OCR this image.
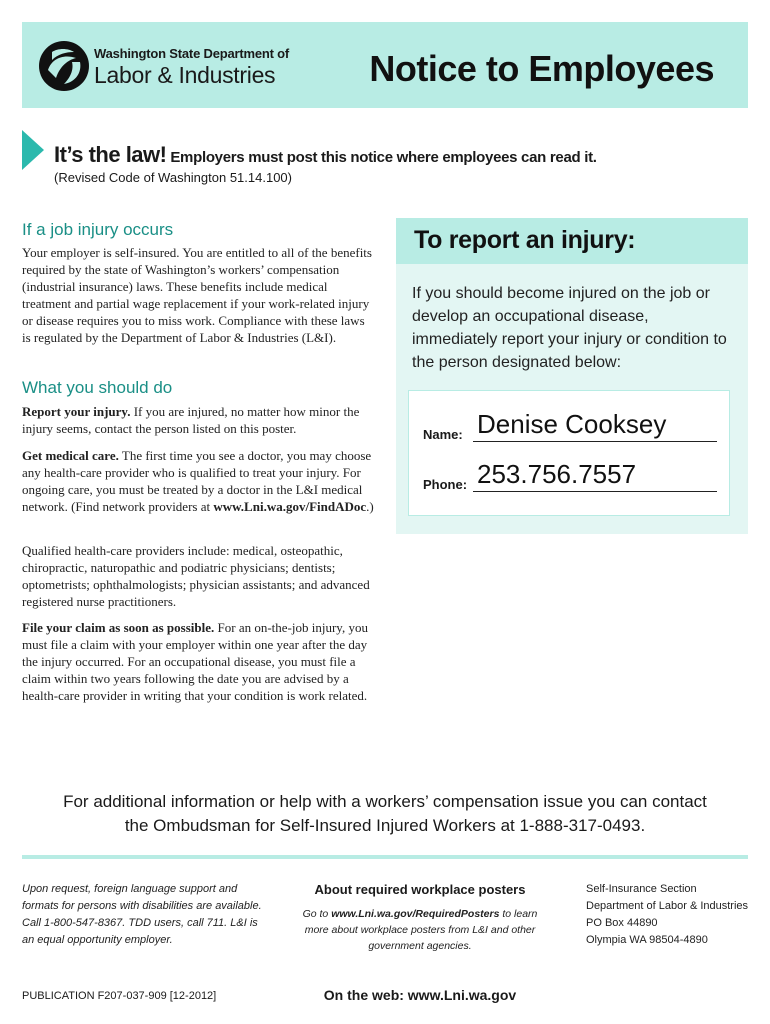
Washington State Department of
Labor & Industries	Notice to Employees
It’s the law! Employers must post this notice where employees can read it.
(Revised Code of Washington 51.14.100)
If a job injury occurs
Your employer is self-insured. You are entitled to all of the benefits required by the state of Washington’s workers’ compensation (industrial insurance) laws. These benefits include medical treatment and partial wage replacement if your work-related injury or disease requires you to miss work. Compliance with these laws is regulated by the Department of Labor & Industries (L&I).
What you should do
Report your injury. If you are injured, no matter how minor the injury seems, contact the person listed on this poster.
Get medical care. The first time you see a doctor, you may choose any health-care provider who is qualified to treat your injury. For ongoing care, you must be treated by a doctor in the L&I medical network. (Find network providers at www.Lni.wa.gov/FindADoc.)
Qualified health-care providers include: medical, osteopathic, chiropractic, naturopathic and podiatric physicians; dentists; optometrists; ophthalmologists; physician assistants; and advanced registered nurse practitioners.
File your claim as soon as possible. For an on-the-job injury, you must file a claim with your employer within one year after the day the injury occurred. For an occupational disease, you must file a claim within two years following the date you are advised by a health-care provider in writing that your condition is work related.
To report an injury:
If you should become injured on the job or develop an occupational disease, immediately report your injury or condition to the person designated below:
Name: Denise Cooksey
Phone: 253.756.7557
For additional information or help with a workers’ compensation issue you can contact
the Ombudsman for Self-Insured Injured Workers at 1-888-317-0493.
Upon request, foreign language support and formats for persons with disabilities are available. Call 1-800-547-8367. TDD users, call 711. L&I is an equal opportunity employer.
About required workplace posters
Go to www.Lni.wa.gov/RequiredPosters to learn more about workplace posters from L&I and other government agencies.
Self-Insurance Section
Department of Labor & Industries
PO Box 44890
Olympia WA 98504-4890
PUBLICATION F207-037-909 [12-2012]	On the web: www.Lni.wa.gov
